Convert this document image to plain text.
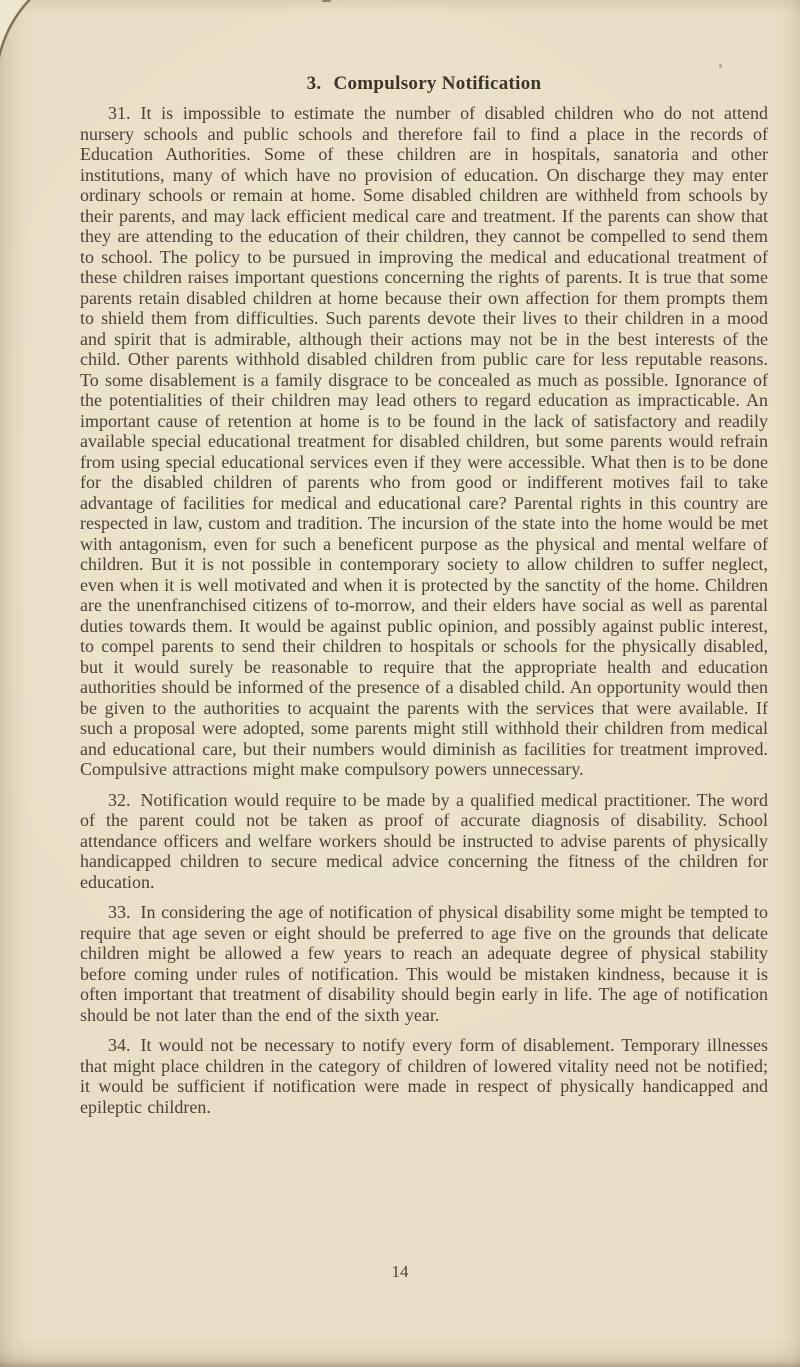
3. Compulsory Notification

31. It is impossible to estimate the number of disabled children who do not attend nursery schools and public schools and therefore fail to find a place in the records of Education Authorities. Some of these children are in hospitals, sanatoria and other institutions, many of which have no provision of education. On discharge they may enter ordinary schools or remain at home. Some disabled children are withheld from schools by their parents, and may lack efficient medical care and treatment. If the parents can show that they are attending to the education of their children, they cannot be compelled to send them to school. The policy to be pursued in improving the medical and educational treatment of these children raises important questions concerning the rights of parents. It is true that some parents retain disabled children at home because their own affection for them prompts them to shield them from difficulties. Such parents devote their lives to their children in a mood and spirit that is admirable, although their actions may not be in the best interests of the child. Other parents withhold disabled children from public care for less reputable reasons. To some disablement is a family disgrace to be concealed as much as possible. Ignorance of the potentialities of their children may lead others to regard education as impracticable. An important cause of retention at home is to be found in the lack of satisfactory and readily available special educational treatment for disabled children, but some parents would refrain from using special educational services even if they were accessible. What then is to be done for the disabled children of parents who from good or indifferent motives fail to take advantage of facilities for medical and educational care? Parental rights in this country are respected in law, custom and tradition. The incursion of the state into the home would be met with antagonism, even for such a beneficent purpose as the physical and mental welfare of children. But it is not possible in contemporary society to allow children to suffer neglect, even when it is well motivated and when it is protected by the sanctity of the home. Children are the unenfranchised citizens of to-morrow, and their elders have social as well as parental duties towards them. It would be against public opinion, and possibly against public interest, to compel parents to send their children to hospitals or schools for the physically disabled, but it would surely be reasonable to require that the appropriate health and education authorities should be informed of the presence of a disabled child. An opportunity would then be given to the authorities to acquaint the parents with the services that were available. If such a proposal were adopted, some parents might still withhold their children from medical and educational care, but their numbers would diminish as facilities for treatment improved. Compulsive attractions might make compulsory powers unnecessary.

32. Notification would require to be made by a qualified medical practitioner. The word of the parent could not be taken as proof of accurate diagnosis of disability. School attendance officers and welfare workers should be instructed to advise parents of physically handicapped children to secure medical advice concerning the fitness of the children for education.

33. In considering the age of notification of physical disability some might be tempted to require that age seven or eight should be preferred to age five on the grounds that delicate children might be allowed a few years to reach an adequate degree of physical stability before coming under rules of notification. This would be mistaken kindness, because it is often important that treatment of disability should begin early in life. The age of notification should be not later than the end of the sixth year.

34. It would not be necessary to notify every form of disablement. Temporary illnesses that might place children in the category of children of lowered vitality need not be notified; it would be sufficient if notification were made in respect of physically handicapped and epileptic children.

14
